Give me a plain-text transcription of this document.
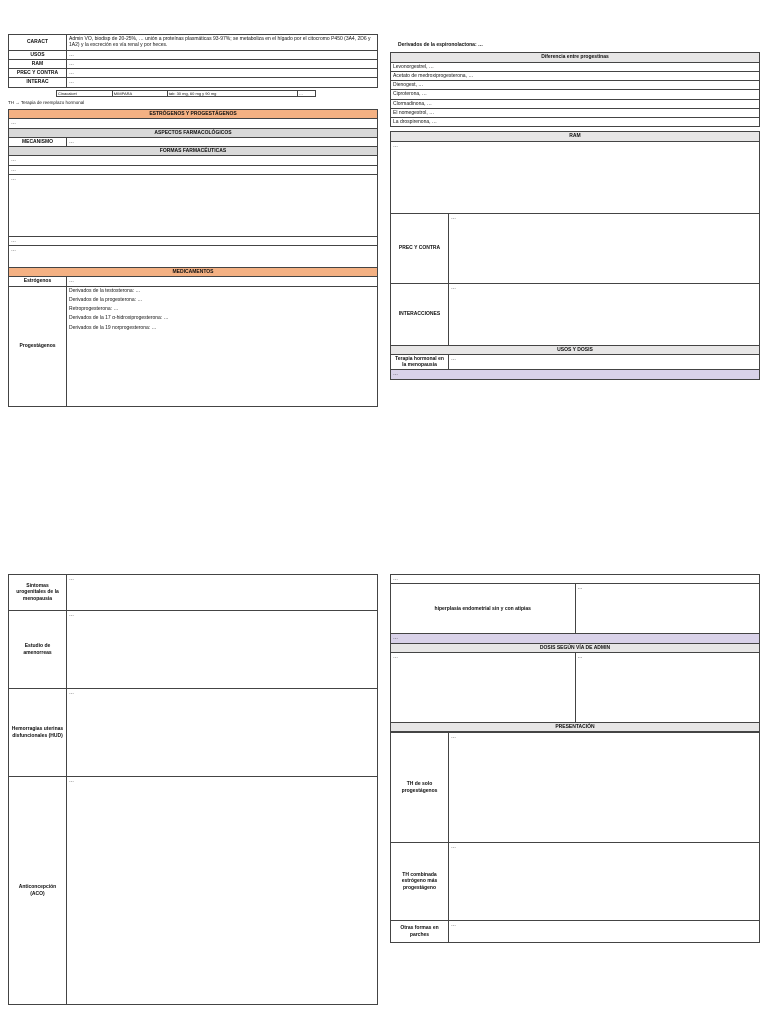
CARACT	Admin VO, biodisp de 20-25%, … unión a proteínas plasmáticas 93-97%; se metaboliza en el hígado por el citocromo P450 (3A4, 2D6 y 1A2) y la excreción es vía renal y por heces.
USOS	…
RAM	…
PREC Y CONTRA	…
INTERAC	…
Cinacalcet	MIMPARA	tab: 30 mg, 60 mg y 90 mg	…
TH → Terapia de reemplazo hormonal
ESTRÓGENOS Y PROGESTÁGENOS	
…	
ASPECTOS FARMACOLÓGICOS	
MECANISMO	…
FORMAS FARMACÉUTICAS	
…	
…	
…	
…	
…	
MEDICAMENTOS	
Estrógenos	…
Progestágenos	Derivados de la testosterona: …
Derivados de la progesterona: …
Retroprogesterona: …
Derivados de la 17 α-hidroxiprogesterona: …
Derivados de la 19 norprogesterona: …
Derivados de la espironolactona: …
Diferencia entre progestinas
Levonorgestrel, …
Acetato de medroxiprogesterona, …
Dienogest, …
Ciproterona, …
Clormadinona, …
El nomegestrol, …
La drospirenona, …
RAM	
…	
PREC Y CONTRA	…
INTERACCIONES	…
USOS Y DOSIS	
Terapia hormonal en la menopausia	…
…	
Síntomas urogenitales de la menopausia	…
Estudio de amenorreas	…
Hemorragias uterinas disfuncionales (HUD)	…
Anticoncepción (ACO)	…
…	
hiperplasia endometrial sin y con atipias	…
…	
DOSIS SEGÚN VÍA DE ADMIN	
…	…
PRESENTACIÓN	
TH de solo progestágenos	…
TH combinada estrógeno más progestágeno	…
Otras formas en parches	…
